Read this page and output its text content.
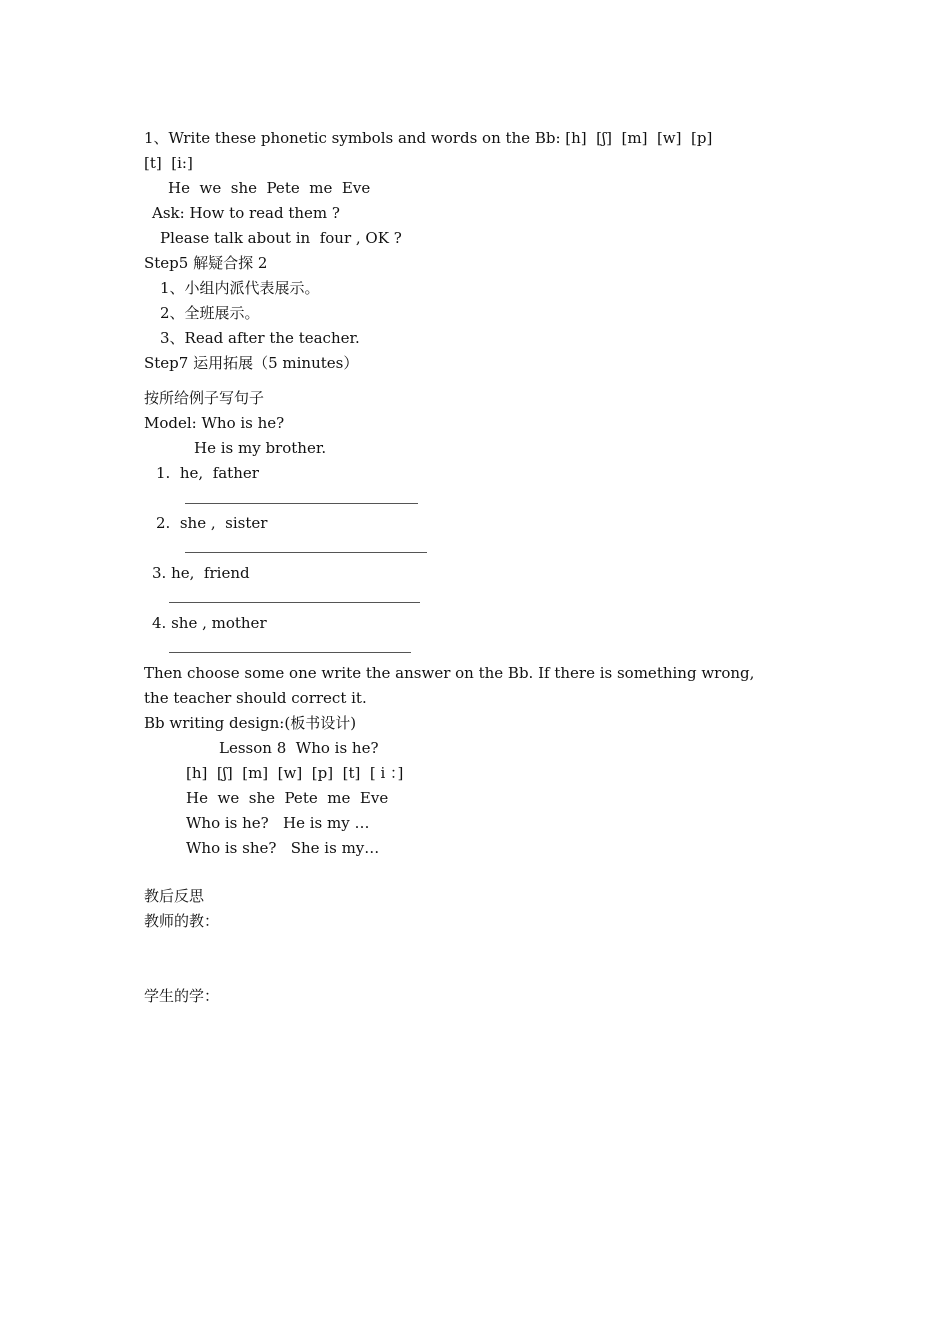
1、Write these phonetic symbols and words on the Bb: [h]  [ʃ]  [m]  [w]  [p]
[t]  [i:]
He  we  she  Pete  me  Eve
Ask: How to read them ?
Please talk about in  four , OK ?
Step5 解疑合探 2
1、小组内派代表展示。
2、全班展示。
3、Read after the teacher.
Step7 运用拓展（5 minutes）
按所给例子写句子
Model: Who is he?
He is my brother.
1.  he,  father
2.  she ,  sister
3. he,  friend
4. she , mother
Then choose some one write the answer on the Bb. If there is something wrong,
the teacher should correct it.
Bb writing design:(板书设计)
Lesson 8  Who is he?
[h]  [ʃ]  [m]  [w]  [p]  [t]  [ i ：]
He  we  she  Pete  me  Eve
Who is he?   He is my …
Who is she?   She is my…
教后反思
教师的教：
学生的学：
